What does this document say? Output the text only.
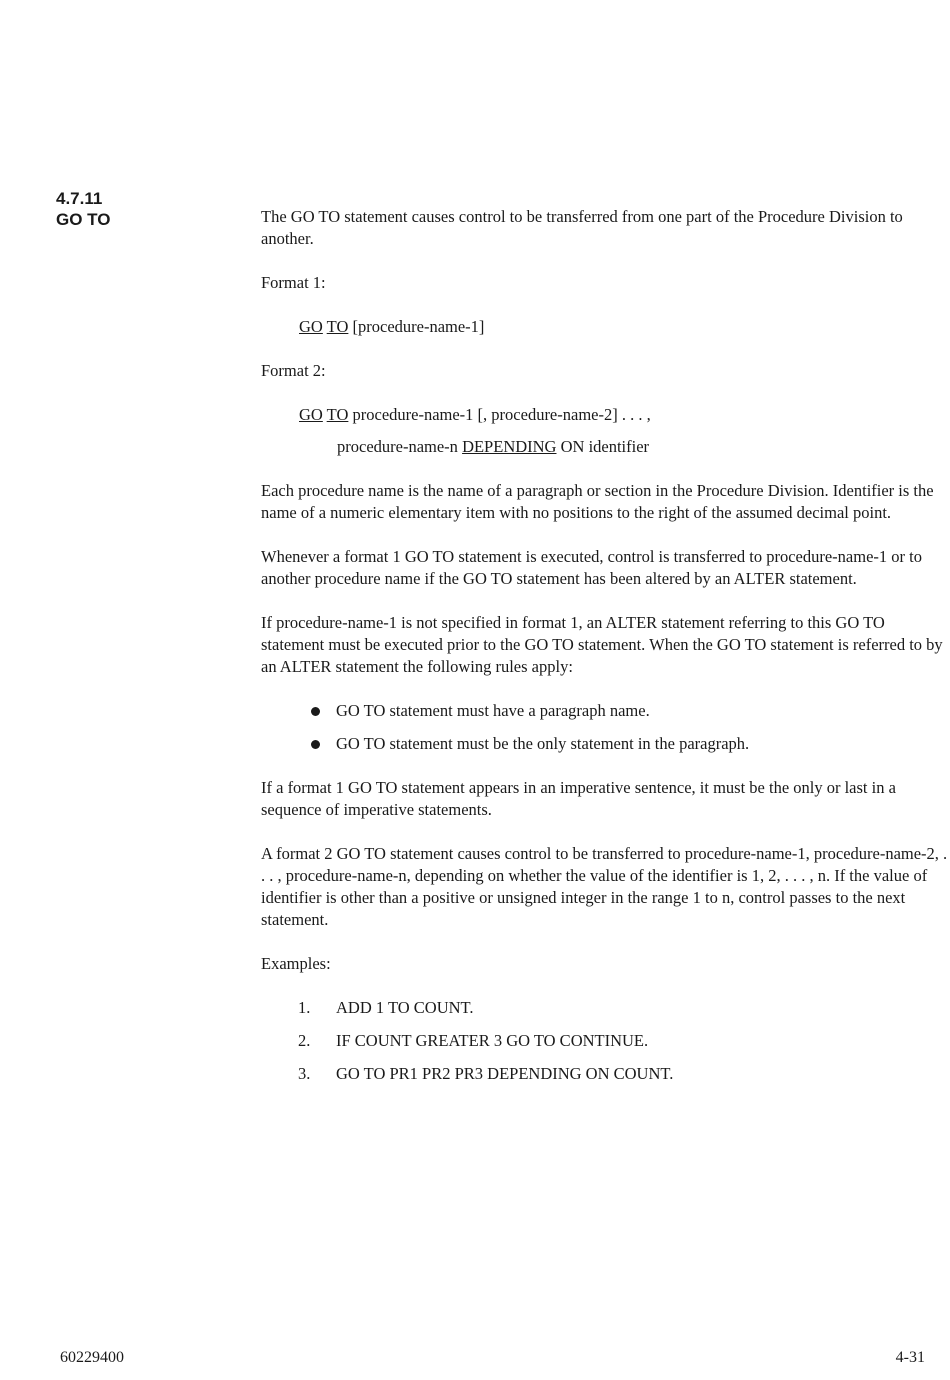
4.7.11
GO TO	The GO TO statement causes control to be transferred from one part of the Procedure Division to another.

Format 1:

GO TO [procedure-name-1]

Format 2:

GO TO procedure-name-1 [, procedure-name-2] . . . ,

procedure-name-n DEPENDING ON identifier

Each procedure name is the name of a paragraph or section in the Procedure Division. Identifier is the name of a numeric elementary item with no positions to the right of the assumed decimal point.

Whenever a format 1 GO TO statement is executed, control is transferred to procedure-name-1 or to another procedure name if the GO TO statement has been altered by an ALTER statement.

If procedure-name-1 is not specified in format 1, an ALTER statement referring to this GO TO statement must be executed prior to the GO TO statement. When the GO TO statement is referred to by an ALTER statement the following rules apply:

GO TO statement must have a paragraph name.
GO TO statement must be the only statement in the paragraph.

If a format 1 GO TO statement appears in an imperative sentence, it must be the only or last in a sequence of imperative statements.

A format 2 GO TO statement causes control to be transferred to procedure-name-1, procedure-name-2, . . . , procedure-name-n, depending on whether the value of the identifier is 1, 2, . . . , n. If the value of identifier is other than a positive or unsigned integer in the range 1 to n, control passes to the next statement.

Examples:

1.	ADD 1 TO COUNT.
2.	IF COUNT GREATER 3 GO TO CONTINUE.
3.	GO TO PR1 PR2 PR3 DEPENDING ON COUNT.
60229400	4-31
